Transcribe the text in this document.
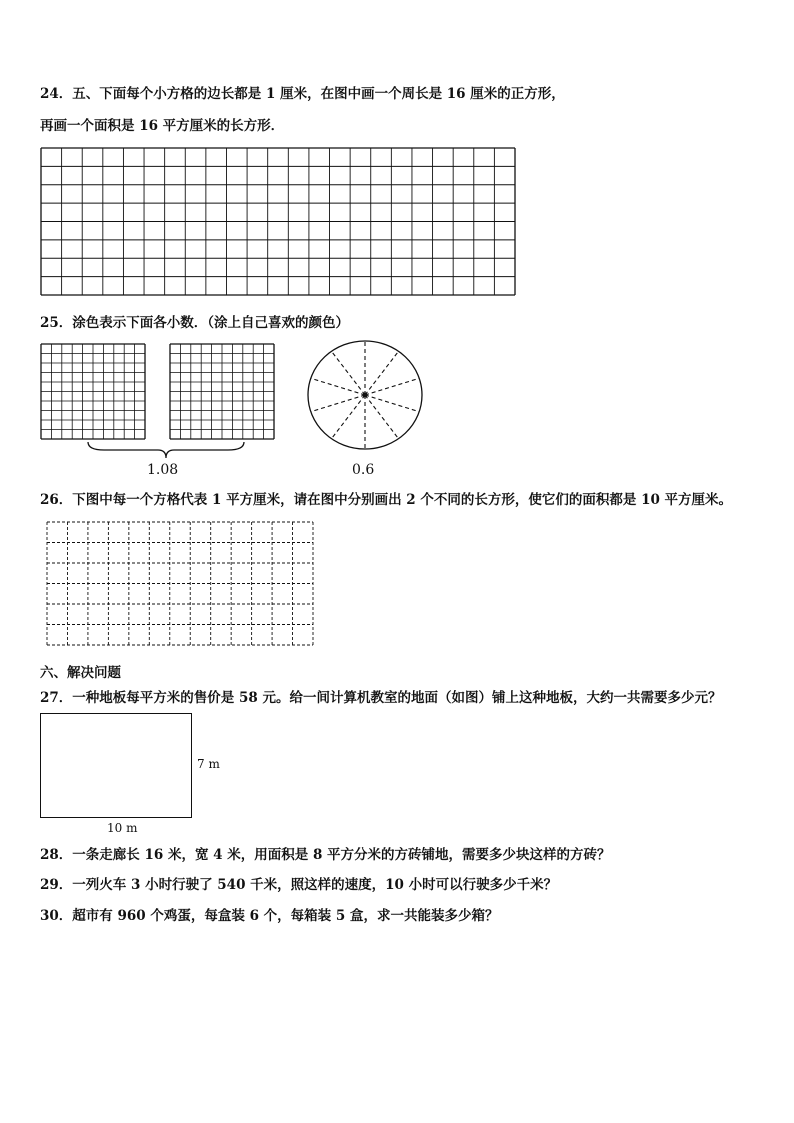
24．五、下面每个小方格的边长都是 1 厘米，在图中画一个周长是 16 厘米的正方形，
再画一个面积是 16 平方厘米的长方形．
25．涂色表示下面各小数．（涂上自己喜欢的颜色）
1.08	0.6
26．下图中每一个方格代表 1 平方厘米，请在图中分别画出 2 个不同的长方形，使它们的面积都是 10 平方厘米。
六、解决问题
27．一种地板每平方米的售价是 58 元。给一间计算机教室的地面（如图）铺上这种地板，大约一共需要多少元？
7 m
10 m
28．一条走廊长 16 米，宽 4 米，用面积是 8 平方分米的方砖铺地，需要多少块这样的方砖？
29．一列火车 3 小时行驶了 540 千米，照这样的速度，10 小时可以行驶多少千米？
30．超市有 960 个鸡蛋，每盒装 6 个，每箱装 5 盒，求一共能装多少箱？
